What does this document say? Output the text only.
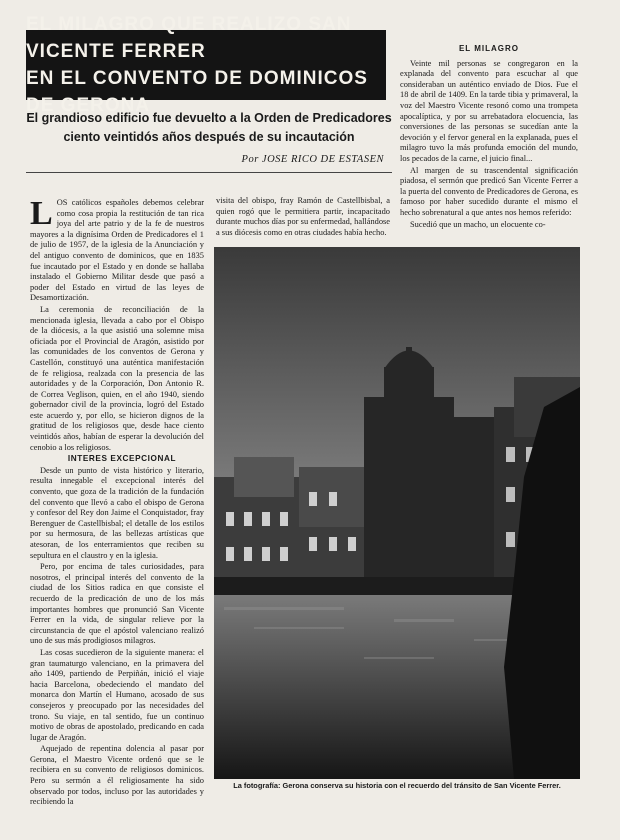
EL MILAGRO QUE REALIZO SAN VICENTE FERRER
EN EL CONVENTO DE DOMINICOS DE GERONA
El grandioso edificio fue devuelto a la Orden de Predicadores
ciento veintidós años después de su incautación
Por JOSE RICO DE ESTASEN

LOS católicos españoles debemos celebrar como cosa propia la restitución de tan rica joya del arte patrio y de la fe de nuestros mayores a la dignísima Orden de Predicadores el 1 de julio de 1957, de la iglesia de la Anunciación y del antiguo convento de dominicos, que en 1835 fue incautado por el Estado y en donde se hallaba instalado el Gobierno Militar desde que pasó a poder del Estado en virtud de las leyes de Desamortización.

La ceremonia de reconciliación de la mencionada iglesia, llevada a cabo por el Obispo de la diócesis, a la que asistió una solemne misa oficiada por el Provincial de Aragón, asistido por las comunidades de los conventos de Gerona y Castellón, constituyó una auténtica manifestación de fe religiosa, realzada con la presencia de las autoridades y de la Corporación, Don Antonio R. de Correa Veglison, quien, en el año 1940, siendo gobernador civil de la provincia, logró del Estado este acuerdo y, por ello, se hicieron dignos de la gratitud de los religiosos que, desde hace ciento veintidós años, habían de esperar la devolución del cenobio a los religiosos.

INTERES EXCEPCIONAL

Desde un punto de vista histórico y literario, resulta innegable el excepcional interés del convento, que goza de la tradición de la fundación del convento que llevó a cabo el obispo de Gerona y confesor del Rey don Jaime el Conquistador, fray Berenguer de Castellbisbal; el detalle de los estilos por su hermosura, de las bellezas artísticas que atesoran, de los enterramientos que reciben su sepultura en el claustro y en la iglesia.

Pero, por encima de tales curiosidades, para nosotros, el principal interés del convento de la ciudad de los Sitios radica en que consiste el recuerdo de la predicación de uno de los más importantes hombres que pronunció San Vicente Ferrer en la vida, de singular relieve por la circunstancia de que el apóstol valenciano realizó uno de sus más prodigiosos milagros.

Las cosas sucedieron de la siguiente manera: el gran taumaturgo valenciano, en la primavera del año 1409, partiendo de Perpiñán, inició el viaje hacia Barcelona, obedeciendo el mandato del monarca don Martín el Humano, acosado de sus consejeros y preocupado por las necesidades del trono. Su viaje, en tal sentido, fue un continuo motivo de obras de apostolado, predicando en cada lugar de Aragón.

Aquejado de repentina dolencia al pasar por Gerona, el Maestro Vicente ordenó que se le recibiera en su convento de religiosos dominicos. Pero su sermón a él religiosamente ha sido observado por todos, incluso por las autoridades y recibiendo la

visita del obispo, fray Ramón de Castellbisbal, a quien rogó que le permitiera partir, incapacitado durante muchos días por su enfermedad, hallándose a sus diócesis como en otras ciudades había hecho.

EL MILAGRO

Veinte mil personas se congregaron en la explanada del convento para escuchar al que consideraban un auténtico enviado de Dios. Fue el 18 de abril de 1409. En la tarde tibia y primaveral, la voz del Maestro Vicente resonó como una trompeta apocalíptica, y por su arrebatadora elocuencia, las conversiones de las personas se sucedían ante la devoción y el fervor general en la explanada, pues el milagro tuvo la más profunda emoción del mundo, los pecados de la carne, el juicio final...

Al margen de su trascendental significación piadosa, el sermón que predicó San Vicente Ferrer a la puerta del convento de Predicadores de Gerona, es famoso por haber sucedido durante el mismo el hecho sobrenatural a que antes nos hemos referido:

Sucedió que un macho, un elocuente co-

La fotografía: Gerona conserva su historia con el recuerdo del tránsito de San Vicente Ferrer.
